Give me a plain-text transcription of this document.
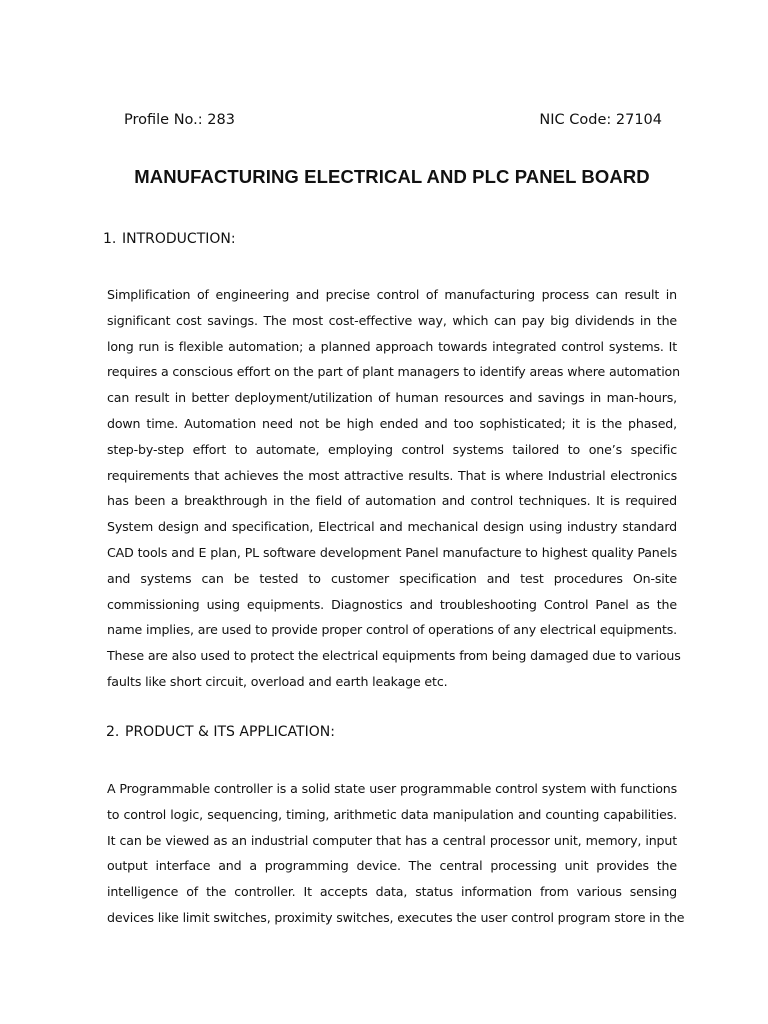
Profile No.: 283	NIC Code: 27104
MANUFACTURING ELECTRICAL AND PLC PANEL BOARD
1. INTRODUCTION:
Simplification of engineering and precise control of manufacturing process can result in
significant cost savings. The most cost-effective way, which can pay big dividends in the
long run is flexible automation; a planned approach towards integrated control systems. It
requires a conscious effort on the part of plant managers to identify areas where automation
can result in better deployment/utilization of human resources and savings in man-hours,
down time. Automation need not be high ended and too sophisticated; it is the phased,
step-by-step effort to automate, employing control systems tailored to one’s specific
requirements that achieves the most attractive results. That is where Industrial electronics
has been a breakthrough in the field of automation and control techniques. It is required
System design and specification, Electrical and mechanical design using industry standard
CAD tools and E plan, PL software development Panel manufacture to highest quality Panels
and systems can be tested to customer specification and test procedures On-site
commissioning using equipments. Diagnostics and troubleshooting Control Panel as the
name implies, are used to provide proper control of operations of any electrical equipments.
These are also used to protect the electrical equipments from being damaged due to various
faults like short circuit, overload and earth leakage etc.
2. PRODUCT & ITS APPLICATION:
A Programmable controller is a solid state user programmable control system with functions
to control logic, sequencing, timing, arithmetic data manipulation and counting capabilities.
It can be viewed as an industrial computer that has a central processor unit, memory, input
output interface and a programming device. The central processing unit provides the
intelligence of the controller. It accepts data, status information from various sensing
devices like limit switches, proximity switches, executes the user control program store in the
